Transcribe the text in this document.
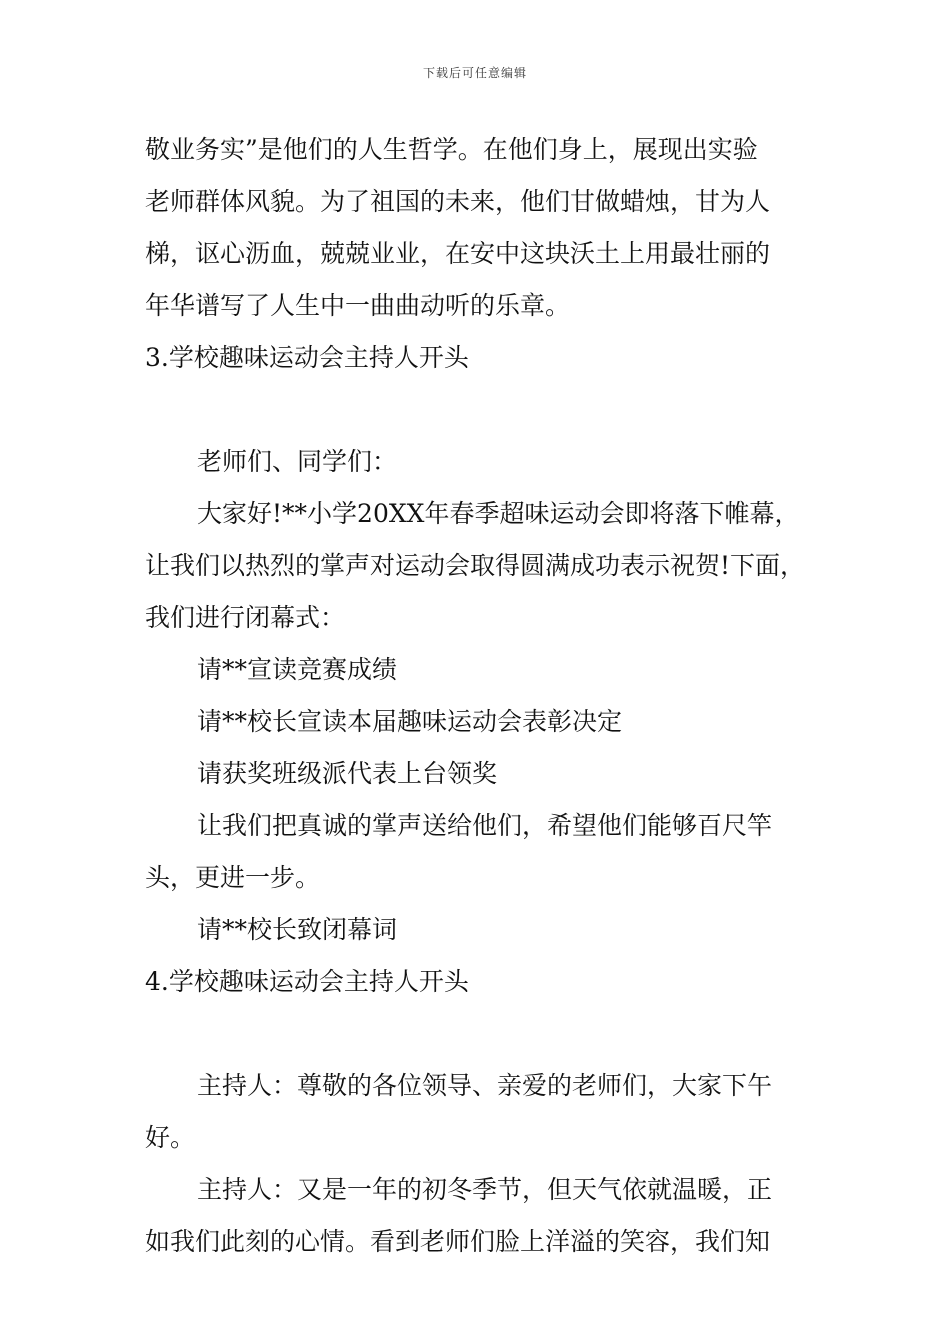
下载后可任意编辑
敬业务实”是他们的人生哲学。在他们身上，展现出实验
老师群体风貌。为了祖国的未来，他们甘做蜡烛，甘为人
梯，讴心沥血，兢兢业业，在安中这块沃土上用最壮丽的
年华谱写了人生中一曲曲动听的乐章。
3.学校趣味运动会主持人开头
老师们、同学们：
大家好!**小学20XX年春季超味运动会即将落下帷幕，
让我们以热烈的掌声对运动会取得圆满成功表示祝贺!下面，
我们进行闭幕式：
请**宣读竞赛成绩
请**校长宣读本届趣味运动会表彰决定
请获奖班级派代表上台领奖
让我们把真诚的掌声送给他们，希望他们能够百尺竿
头，更进一步。
请**校长致闭幕词
4.学校趣味运动会主持人开头
主持人：尊敬的各位领导、亲爱的老师们，大家下午
好。
主持人：又是一年的初冬季节，但天气依就温暖，正
如我们此刻的心情。看到老师们脸上洋溢的笑容，我们知
